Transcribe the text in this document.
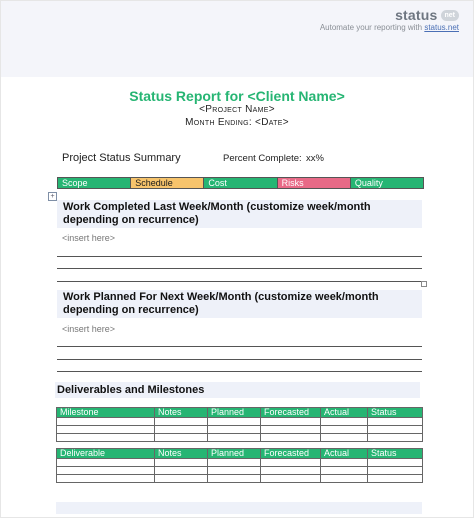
status	net
Automate your reporting with status.net
Status Report for <Client Name>
<Project Name>
Month Ending: <Date>
Project Status Summary	Percent Complete: xx%
Scope	Schedule	Cost	Risks	Quality
+
Work Completed Last Week/Month (customize week/month depending on recurrence)
<insert here>
Work Planned For Next Week/Month (customize week/month depending on recurrence)
<insert here>
Deliverables and Milestones
Milestone	Notes	Planned	Forecasted	Actual	Status

Deliverable	Notes	Planned	Forecasted	Actual	Status
